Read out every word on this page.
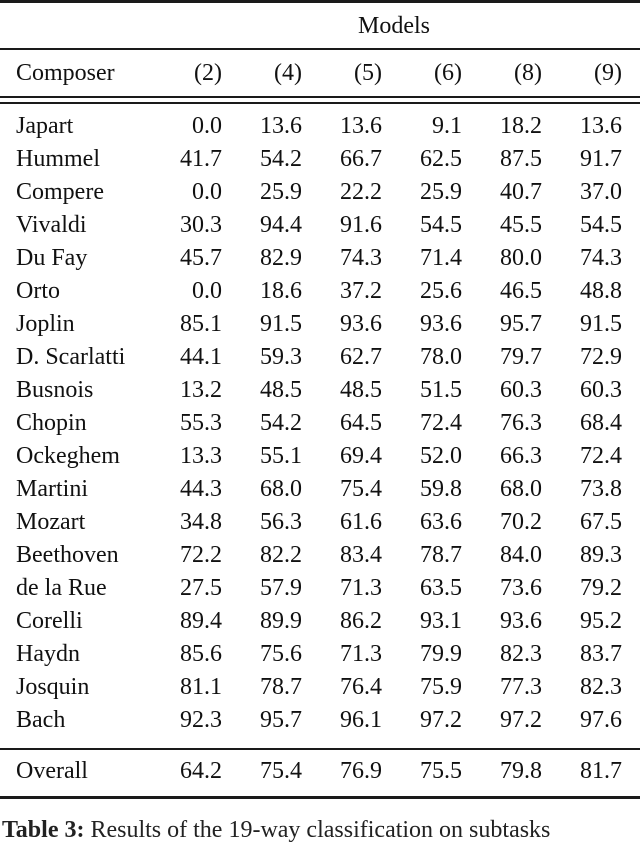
Models
Composer	(2)	(4)	(5)	(6)	(8)	(9)
Japart	0.0	13.6	13.6	9.1	18.2	13.6
Hummel	41.7	54.2	66.7	62.5	87.5	91.7
Compere	0.0	25.9	22.2	25.9	40.7	37.0
Vivaldi	30.3	94.4	91.6	54.5	45.5	54.5
Du Fay	45.7	82.9	74.3	71.4	80.0	74.3
Orto	0.0	18.6	37.2	25.6	46.5	48.8
Joplin	85.1	91.5	93.6	93.6	95.7	91.5
D. Scarlatti	44.1	59.3	62.7	78.0	79.7	72.9
Busnois	13.2	48.5	48.5	51.5	60.3	60.3
Chopin	55.3	54.2	64.5	72.4	76.3	68.4
Ockeghem	13.3	55.1	69.4	52.0	66.3	72.4
Martini	44.3	68.0	75.4	59.8	68.0	73.8
Mozart	34.8	56.3	61.6	63.6	70.2	67.5
Beethoven	72.2	82.2	83.4	78.7	84.0	89.3
de la Rue	27.5	57.9	71.3	63.5	73.6	79.2
Corelli	89.4	89.9	86.2	93.1	93.6	95.2
Haydn	85.6	75.6	71.3	79.9	82.3	83.7
Josquin	81.1	78.7	76.4	75.9	77.3	82.3
Bach	92.3	95.7	96.1	97.2	97.2	97.6
Overall	64.2	75.4	76.9	75.5	79.8	81.7
Table 3: Results of the 19-way classification on subtasks
